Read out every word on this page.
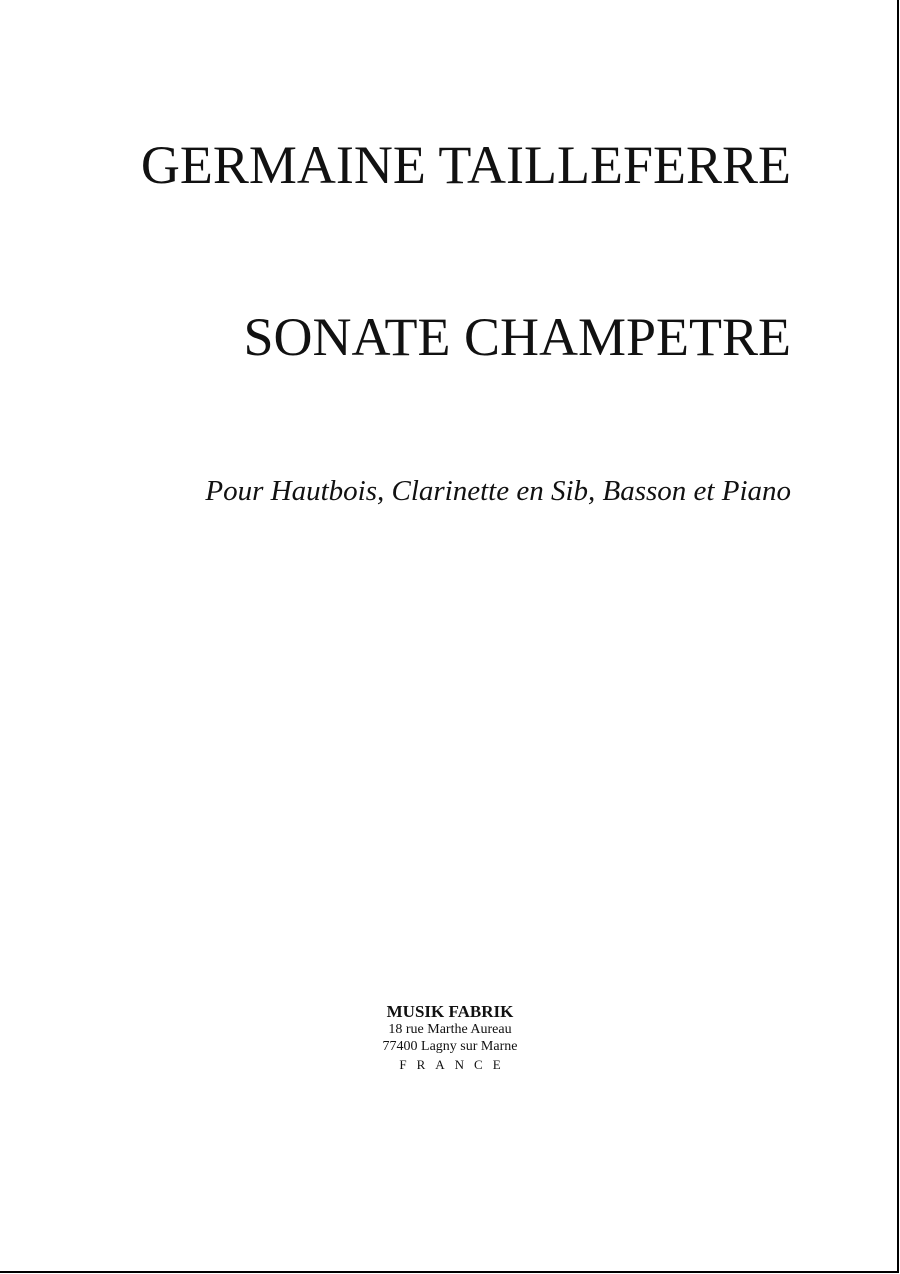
GERMAINE TAILLEFERRE
SONATE CHAMPETRE

Pour Hautbois, Clarinette en Sib, Basson et Piano

MUSIK FABRIK
18 rue Marthe Aureau
77400 Lagny sur Marne
FRANCE
